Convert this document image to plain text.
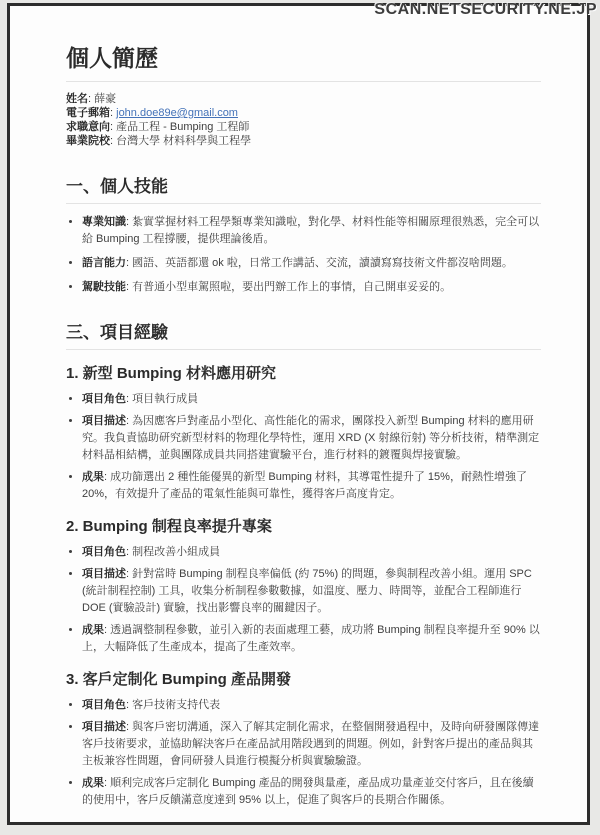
個人簡歷

姓名: 薛豪

電子郵箱: john.doe89e@gmail.com

求職意向: 產品工程 - Bumping 工程師

畢業院校: 台灣大學 材料科學與工程學

一、個人技能
• 專業知識: 紮實掌握材料工程學類專業知識啦，對化學、材料性能等相關原理很熟悉，完全可以給 Bumping 工程撐腰，提供理論後盾。
• 語言能力: 國語、英語都還 ok 啦，日常工作講話、交流，讀讀寫寫技術文件都沒啥問題。
• 駕駛技能: 有普通小型車駕照啦，要出門辦工作上的事情，自己開車妥妥的。
三、項目經驗
1. 新型 Bumping 材料應用研究
• 項目角色: 項目執行成員
• 項目描述: 為因應客戶對產品小型化、高性能化的需求，團隊投入新型 Bumping 材料的應用研究。我負責協助研究新型材料的物理化學特性，運用 XRD (X 射線衍射) 等分析技術，精準測定材料晶相結構，並與團隊成員共同搭建實驗平台，進行材料的鍍覆與焊接實驗。
• 成果: 成功篩選出 2 種性能優異的新型 Bumping 材料，其導電性提升了 15%，耐熱性增強了 20%，有效提升了產品的電氣性能與可靠性，獲得客戶高度肯定。
2. Bumping 制程良率提升專案
• 項目角色: 制程改善小組成員
• 項目描述: 針對當時 Bumping 制程良率偏低 (約 75%) 的問題，參與制程改善小組。運用 SPC (統計制程控制) 工具，收集分析制程參數數據，如溫度、壓力、時間等，並配合工程師進行 DOE (實驗設計) 實驗，找出影響良率的關鍵因子。
• 成果: 透過調整制程參數，並引入新的表面處理工藝，成功將 Bumping 制程良率提升至 90% 以上，大幅降低了生產成本，提高了生產效率。
3. 客戶定制化 Bumping 產品開發
• 項目角色: 客戶技術支持代表
• 項目描述: 與客戶密切溝通，深入了解其定制化需求，在整個開發過程中，及時向研發團隊傳達客戶技術要求，並協助解決客戶在產品試用階段遇到的問題。例如，針對客戶提出的產品與其主板兼容性問題，會同研發人員進行模擬分析與實驗驗證。
• 成果: 順利完成客戶定制化 Bumping 產品的開發與量產，產品成功量產並交付客戶，且在後續的使用中，客戶反饋滿意度達到 95% 以上，促進了與客戶的長期合作關係。
SCAN.NETSECURITY.NE.JP
